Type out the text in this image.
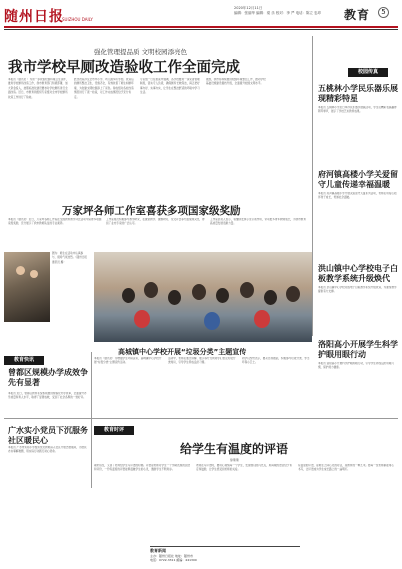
随州日报
SUIZHOU DAILY
2020年12月11日
编辑：张丽华 编辑：梁 乐 校对：李 严 电话：陈立 忠印	教育	5
强化管理提品质 文明校园添亮色
我市学校早厕改造验收工作全面完成
本报讯（通讯员 ）为进一步改善校园环境卫生条件，推进学校厕所改造工作，我市教育部门积极部署，加大资金投入，按照标准化建设要求对学校厕所进行全面改造。近日，市教育局组织专家组对全市学校厕所改造工作进行了验收。
此次改造涉及全市中小学、幼儿园多所学校。改造后的厕所整洁卫生，设施齐全，有效改善了师生如厕环境，为创建文明校园添上了亮色。验收组对各校改造情况进行了逐一检查，对工作完成情况给予充分肯定。
专家组一行在检查中强调，各学校要进一步完善管理制度，落实专人负责，确保厕所长效保洁，真正把好事办好、实事办实，让学生在整洁舒适的环境中学习生活。
据悉，我市将持续推进校园环境整治工作，推动学校基础设施建设提档升级，全面提升校园文明水平。
万家坪各师工作室喜获多项国家级奖励
本报讯（通讯员）近日，万家坪各师工作室在全国教育教学评比活动中获得多项国家级奖励，充分展示了我市教师队伍的专业素养。
工作室成员积极参与教学研究，在课堂教学、课题研究、论文评比等方面成绩突出，得到了业内专家的广泛认可。
工作室负责人表示，将继续发挥示范引领作用，带动更多青年教师成长，为我市教育高质量发展贡献力量。
图为：师生在活动中认真参与，现场气氛热烈。（随州日报通讯员 摄）
高城镇中心学校开展“垃圾分类”主题宣传
本报讯（通讯员）为增强学生环保意识，高城镇中心学校开展“垃圾分类”主题宣传活动。
活动中，老师们通过讲解、展示等方式向同学们普及垃圾分类知识，引导学生养成良好习惯。
同学们纷纷表示，要从自身做起，积极参与垃圾分类，争当环保小卫士。
教育快讯
曾都区规模办学成效争先有显著
本报讯 近日，曾都区教育系统积极推进规模化办学改革，全面提升办学质量和育人水平，取得了显著成效，受到了社会各界的一致好评。
广水实小党员下沉服务社区暖民心
本报讯 广水市实验小学组织党员教师深入社区开展志愿服务，为居民办实事解难题，用实际行动践行初心使命。
校园传真
五桃林小学民乐器乐展现精彩特星
本报讯 五桃林小学近日举办民乐器乐展演活动，学生们精彩表演赢得阵阵掌声，展示了学校艺术教育成果。
府河镇高楼小学关爱留守儿童传递幸福温暖
本报讯 府河镇高楼小学开展关爱留守儿童系列活动，老师们用爱心陪伴孩子成长，传递社会温暖。
洪山镇中心学校电子白板教学系统升级焕代
本报讯 洪山镇中心学校完成电子白板教学系统升级改造，为课堂教学提供有力支撑。
洛阳高小开展学生科学护眼用眼行动
本报讯 洛阳高小开展科学护眼用眼行动，引导学生养成良好用眼习惯，保护视力健康。
教育时评
给学生有温度的评语
徐斯斯
期末将至，又到了老师给学生写评语的时候。评语是老师对学生一个学期表现的总结和评价，一份有温度的评语能够温暖学生的心灵，激励学生不断进步。
老师在写评语时，要用心观察每一个学生，发现他们的闪光点，用真诚的语言给予肯定和鼓励，让学生感受到老师的关爱。
有温度的评语，是师生之间心灵的对话，是教育的一种艺术。愿每一位老师都能用心书写，让评语成为学生成长路上的一盏明灯。
教育新闻
主办：随州日报社 地址：随州市
电话：0722-3311 邮编：441300
